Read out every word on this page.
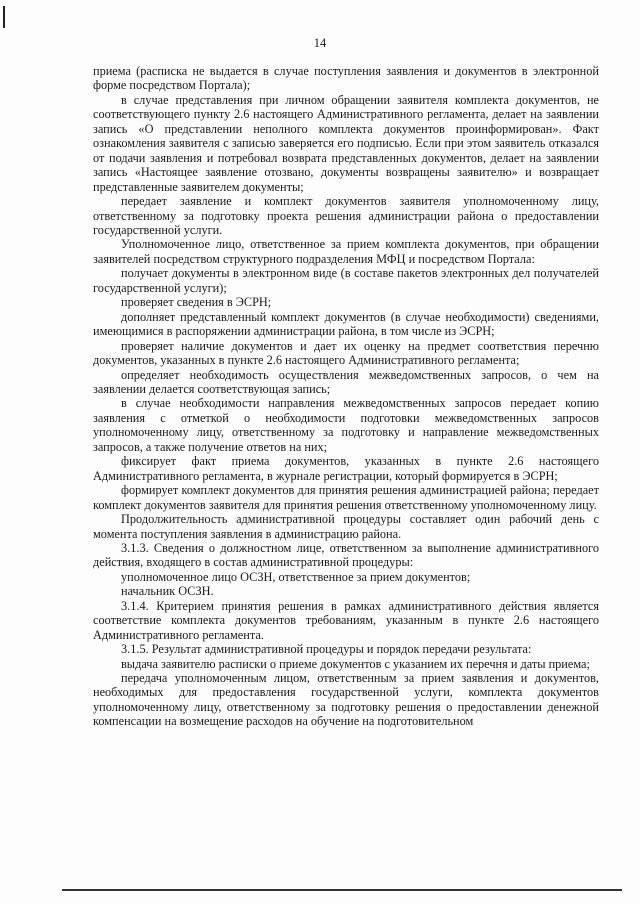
14

приема (расписка не выдается в случае поступления заявления и документов в электронной форме посредством Портала);

в случае представления при личном обращении заявителя комплекта документов, не соответствующего пункту 2.6 настоящего Административного регламента, делает на заявлении запись «О представлении неполного комплекта документов проинформирован». Факт ознакомления заявителя с записью заверяется его подписью. Если при этом заявитель отказался от подачи заявления и потребовал возврата представленных документов, делает на заявлении запись «Настоящее заявление отозвано, документы возвращены заявителю» и возвращает представленные заявителем документы;

передает заявление и комплект документов заявителя уполномоченному лицу, ответственному за подготовку проекта решения администрации района о предоставлении государственной услуги.

Уполномоченное лицо, ответственное за прием комплекта документов, при обращении заявителей посредством структурного подразделения МФЦ и посредством Портала:

получает документы в электронном виде (в составе пакетов электронных дел получателей государственной услуги);

проверяет сведения в ЭСРН;

дополняет представленный комплект документов (в случае необходимости) сведениями, имеющимися в распоряжении администрации района, в том числе из ЭСРН;

проверяет наличие документов и дает их оценку на предмет соответствия перечню документов, указанных в пункте 2.6 настоящего Административного регламента;

определяет необходимость осуществления межведомственных запросов, о чем на заявлении делается соответствующая запись;

в случае необходимости направления межведомственных запросов передает копию заявления с отметкой о необходимости подготовки межведомственных запросов уполномоченному лицу, ответственному за подготовку и направление межведомственных запросов, а также получение ответов на них;

фиксирует факт приема документов, указанных в пункте 2.6 настоящего Административного регламента, в журнале регистрации, который формируется в ЭСРН;

формирует комплект документов для принятия решения администрацией района; передает комплект документов заявителя для принятия решения ответственному уполномоченному лицу.

Продолжительность административной процедуры составляет один рабочий день с момента поступления заявления в администрацию района.

3.1.3. Сведения о должностном лице, ответственном за выполнение административного действия, входящего в состав административной процедуры:

уполномоченное лицо ОСЗН, ответственное за прием документов;

начальник ОСЗН.

3.1.4. Критерием принятия решения в рамках административного действия является соответствие комплекта документов требованиям, указанным в пункте 2.6 настоящего Административного регламента.

3.1.5. Результат административной процедуры и порядок передачи результата:

выдача заявителю расписки о приеме документов с указанием их перечня и даты приема;

передача уполномоченным лицом, ответственным за прием заявления и документов, необходимых для предоставления государственной услуги, комплекта документов уполномоченному лицу, ответственному за подготовку решения о предоставлении денежной компенсации на возмещение расходов на обучение на подготовительном
